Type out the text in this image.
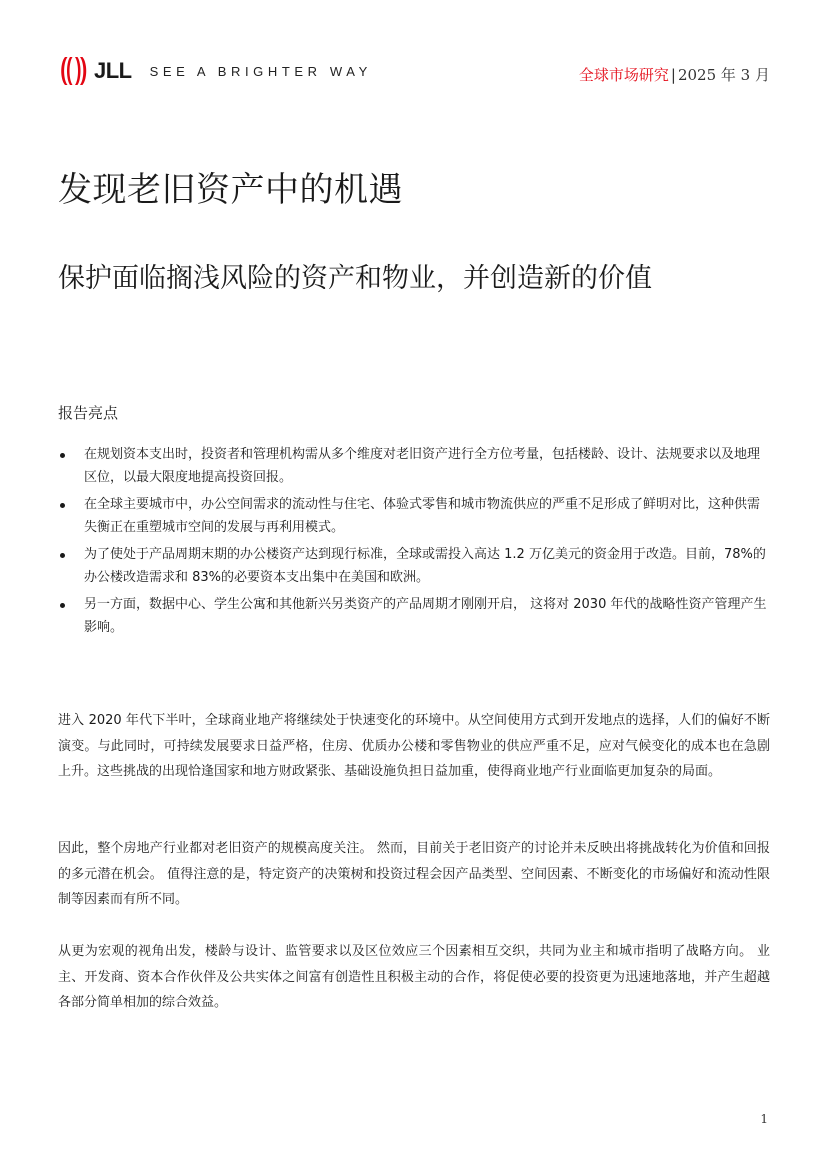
JLL SEE A BRIGHTER WAY	全球市场研究 | 2025 年 3 月
发现老旧资产中的机遇
保护面临搁浅风险的资产和物业，并创造新的价值
报告亮点
在规划资本支出时，投资者和管理机构需从多个维度对老旧资产进行全方位考量，包括楼龄、设计、法规要求以及地理区位，以最大限度地提高投资回报。
在全球主要城市中，办公空间需求的流动性与住宅、体验式零售和城市物流供应的严重不足形成了鲜明对比，这种供需失衡正在重塑城市空间的发展与再利用模式。
为了使处于产品周期末期的办公楼资产达到现行标准，全球或需投入高达 1.2 万亿美元的资金用于改造。目前，78%的办公楼改造需求和 83%的必要资本支出集中在美国和欧洲。
另一方面，数据中心、学生公寓和其他新兴另类资产的产品周期才刚刚开启， 这将对 2030 年代的战略性资产管理产生影响。

进入 2020 年代下半叶，全球商业地产将继续处于快速变化的环境中。从空间使用方式到开发地点的选择，人们的偏好不断演变。与此同时，可持续发展要求日益严格，住房、优质办公楼和零售物业的供应严重不足，应对气候变化的成本也在急剧上升。这些挑战的出现恰逢国家和地方财政紧张、基础设施负担日益加重，使得商业地产行业面临更加复杂的局面。

因此，整个房地产行业都对老旧资产的规模高度关注。 然而，目前关于老旧资产的讨论并未反映出将挑战转化为价值和回报的多元潜在机会。 值得注意的是，特定资产的决策树和投资过程会因产品类型、空间因素、不断变化的市场偏好和流动性限制等因素而有所不同。

从更为宏观的视角出发，楼龄与设计、监管要求以及区位效应三个因素相互交织，共同为业主和城市指明了战略方向。 业主、开发商、资本合作伙伴及公共实体之间富有创造性且积极主动的合作，将促使必要的投资更为迅速地落地，并产生超越各部分简单相加的综合效益。

1
